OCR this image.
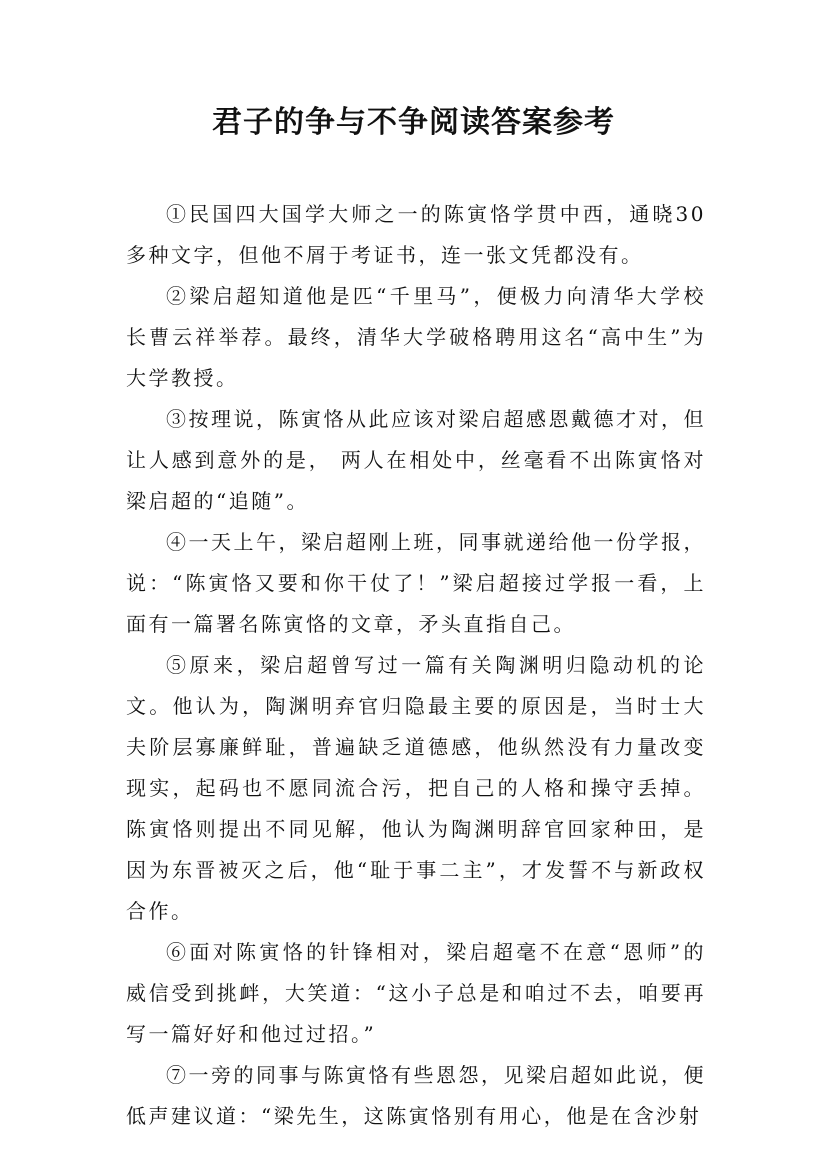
君子的争与不争阅读答案参考

①民国四大国学大师之一的陈寅恪学贯中西，通晓30多种文字，但他不屑于考证书，连一张文凭都没有。

②梁启超知道他是匹“千里马”，便极力向清华大学校长曹云祥举荐。最终，清华大学破格聘用这名“高中生”为大学教授。

③按理说，陈寅恪从此应该对梁启超感恩戴德才对，但让人感到意外的是， 两人在相处中，丝毫看不出陈寅恪对梁启超的“追随”。

④一天上午，梁启超刚上班，同事就递给他一份学报，说：“陈寅恪又要和你干仗了！”梁启超接过学报一看，上面有一篇署名陈寅恪的文章，矛头直指自己。

⑤原来，梁启超曾写过一篇有关陶渊明归隐动机的论文。他认为，陶渊明弃官归隐最主要的原因是，当时士大夫阶层寡廉鲜耻，普遍缺乏道德感，他纵然没有力量改变现实，起码也不愿同流合污，把自己的人格和操守丢掉。陈寅恪则提出不同见解，他认为陶渊明辞官回家种田，是因为东晋被灭之后，他“耻于事二主”，才发誓不与新政权合作。

⑥面对陈寅恪的针锋相对，梁启超毫不在意“恩师”的威信受到挑衅，大笑道：“这小子总是和咱过不去，咱要再写一篇好好和他过过招。”

⑦一旁的同事与陈寅恪有些恩怨，见梁启超如此说，便低声建议道：“梁先生，这陈寅恪别有用心，他是在含沙射
